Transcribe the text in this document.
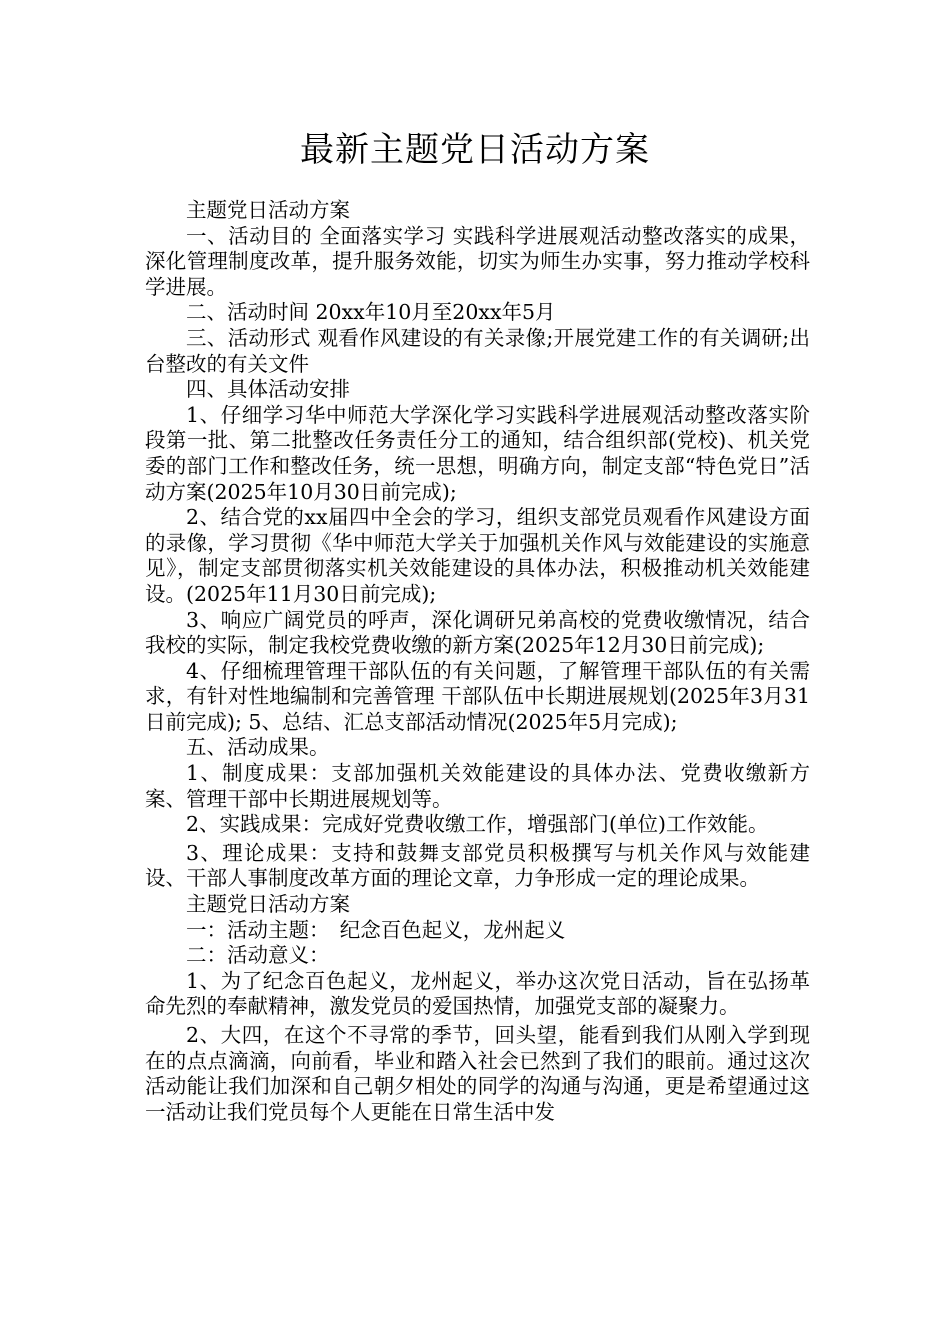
最新主题党日活动方案

主题党日活动方案

一、活动目的 全面落实学习 实践科学进展观活动整改落实的成果，深化管理制度改革，提升服务效能，切实为师生办实事，努力推动学校科学进展。

二、活动时间 20xx年10月至20xx年5月

三、活动形式 观看作风建设的有关录像;开展党建工作的有关调研;出台整改的有关文件

四、具体活动安排

1、仔细学习华中师范大学深化学习实践科学进展观活动整改落实阶段第一批、第二批整改任务责任分工的通知，结合组织部(党校)、机关党委的部门工作和整改任务，统一思想，明确方向，制定支部“特色党日”活动方案(2025年10月30日前完成);

2、结合党的xx届四中全会的学习，组织支部党员观看作风建设方面的录像，学习贯彻《华中师范大学关于加强机关作风与效能建设的实施意见》，制定支部贯彻落实机关效能建设的具体办法，积极推动机关效能建设。(2025年11月30日前完成);

3、响应广阔党员的呼声，深化调研兄弟高校的党费收缴情况，结合我校的实际，制定我校党费收缴的新方案(2025年12月30日前完成);

4、仔细梳理管理干部队伍的有关问题，了解管理干部队伍的有关需求，有针对性地编制和完善管理 干部队伍中长期进展规划(2025年3月31日前完成); 5、总结、汇总支部活动情况(2025年5月完成);

五、活动成果。

1、制度成果：支部加强机关效能建设的具体办法、党费收缴新方案、管理干部中长期进展规划等。

2、实践成果：完成好党费收缴工作，增强部门(单位)工作效能。

3、理论成果：支持和鼓舞支部党员积极撰写与机关作风与效能建设、干部人事制度改革方面的理论文章，力争形成一定的理论成果。

主题党日活动方案

一：活动主题：　纪念百色起义，龙州起义

二：活动意义：

1、为了纪念百色起义，龙州起义，举办这次党日活动，旨在弘扬革命先烈的奉献精神，激发党员的爱国热情，加强党支部的凝聚力。

2、大四，在这个不寻常的季节，回头望，能看到我们从刚入学到现在的点点滴滴，向前看，毕业和踏入社会已然到了我们的眼前。通过这次活动能让我们加深和自己朝夕相处的同学的沟通与沟通，更是希望通过这一活动让我们党员每个人更能在日常生活中发
